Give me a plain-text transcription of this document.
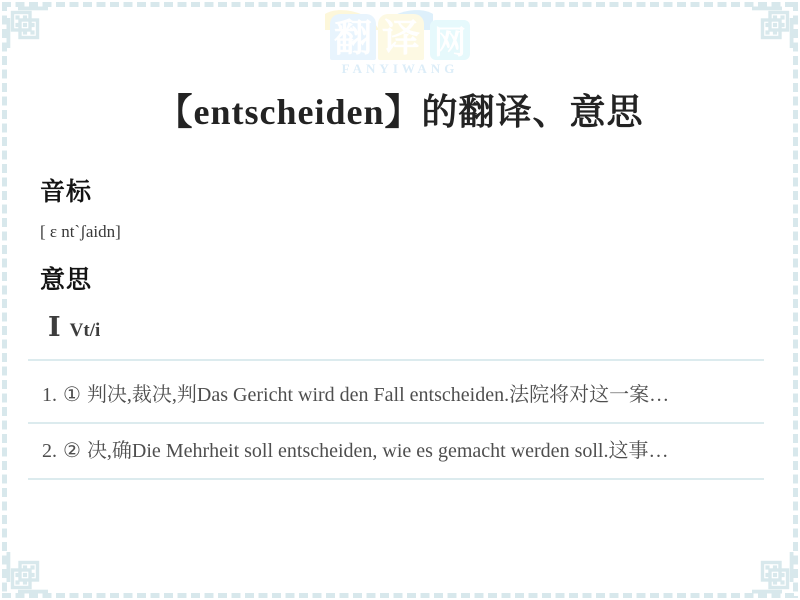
翻 译 网
FANYIWANG
【entscheiden】的翻译、意思
音标

[ ɛ nt`ʃaidn]

意思
Ⅰ Vt/i
1. ① 判决,裁决,判Das Gericht wird den Fall entscheiden.法院将对这一案…
2. ② 决,确Die Mehrheit soll entscheiden, wie es gemacht werden soll.这事…
